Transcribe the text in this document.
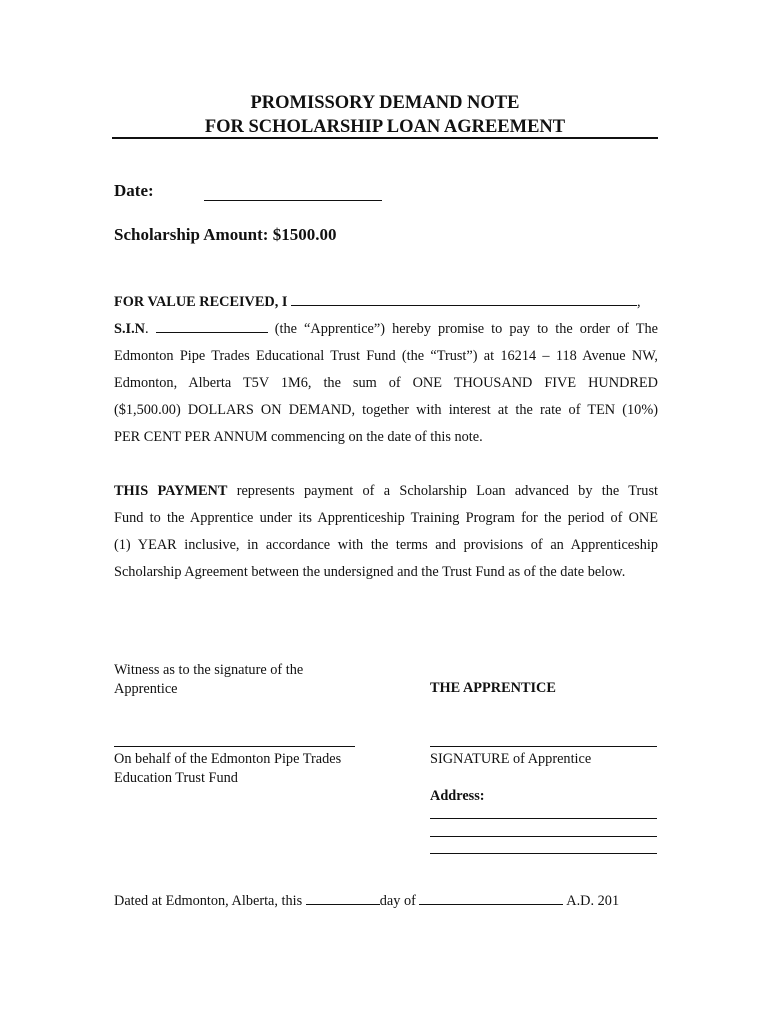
PROMISSORY DEMAND NOTE
FOR SCHOLARSHIP LOAN AGREEMENT
Date:
Scholarship Amount: $1500.00
FOR VALUE RECEIVED, I	,
S.I.N.	(the “Apprentice”) hereby promise to pay to the order of The
Edmonton Pipe Trades Educational Trust Fund (the “Trust”) at 16214 – 118 Avenue NW,
Edmonton, Alberta T5V 1M6, the sum of ONE THOUSAND FIVE HUNDRED
($1,500.00) DOLLARS ON DEMAND, together with interest at the rate of TEN (10%)
PER CENT PER ANNUM commencing on the date of this note.
THIS PAYMENT represents payment of a Scholarship Loan advanced by the Trust
Fund to the Apprentice under its Apprenticeship Training Program for the period of ONE
(1) YEAR inclusive, in accordance with the terms and provisions of an Apprenticeship
Scholarship Agreement between the undersigned and the Trust Fund as of the date below.
Witness as to the signature of the
Apprentice	THE APPRENTICE
On behalf of the Edmonton Pipe Trades
Education Trust Fund
SIGNATURE of Apprentice
Address:
Dated at Edmonton, Alberta, this	day of	A.D. 201
